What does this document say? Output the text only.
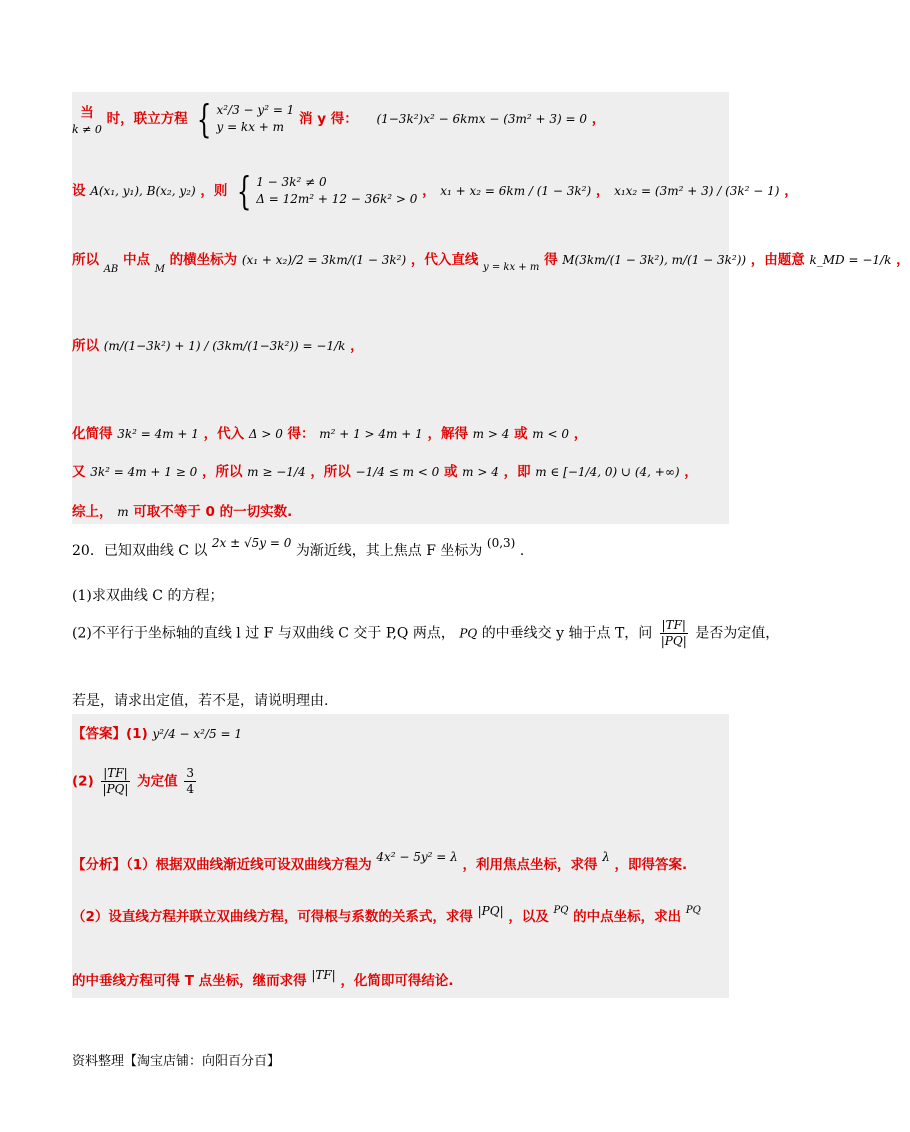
当
k ≠ 0 时，联立方程 { x²/3 − y² = 1
y = kx + m	消 y 得： (1−3k²)x² − 6kmx − (3m² + 3) = 0 ，
设 A(x₁, y₁), B(x₂, y₂) ，则 { 1 − 3k² ≠ 0
Δ = 12m² + 12 − 36k² > 0 ， x₁ + x₂ = 6km / (1 − 3k²) ， x₁x₂ = (3m² + 3) / (3k² − 1) ，
所以 $_{AB}$ 中点 $_M$ 的横坐标为 (x₁ + x₂)/2 = 3km/(1 − 3k²) ，代入直线 $_{y = kx + m}$ 得 M(3km/(1 − 3k²), m/(1 − 3k²)) ，由题意 k_MD = −1/k ，
所以 (m/(1−3k²) + 1) / (3km/(1−3k²)) = −1/k ，
化简得 3k² = 4m + 1 ，代入 Δ > 0 得： m² + 1 > 4m + 1 ，解得 m > 4 或 m < 0 ，
又 3k² = 4m + 1 ≥ 0 ，所以 m ≥ −1/4 ，所以 −1/4 ≤ m < 0 或 m > 4 ，即 m ∈ [−1/4, 0) ∪ (4, +∞) ，
综上， m 可取不等于 0 的一切实数.
20．已知双曲线 C 以 2x ± √5y = 0 为渐近线，其上焦点 F 坐标为 (0,3) .
(1)求双曲线 C 的方程；
(2)不平行于坐标轴的直线 l 过 F 与双曲线 C 交于 P,Q 两点， PQ 的中垂线交 y 轴于点 T，问 $\frac{|TF|}{|PQ|}$ 是否为定值，
若是，请求出定值，若不是，请说明理由.
【答案】(1) y²/4 − x²/5 = 1
$(2) \frac{|TF|}{|PQ|}$ 为定值 $\frac{3}{4}$
【分析】（1）根据双曲线渐近线可设双曲线方程为 4x² − 5y² = λ ，利用焦点坐标，求得 λ ，即得答案.
（2）设直线方程并联立双曲线方程，可得根与系数的关系式，求得 |PQ| ，以及 $^{PQ}$ 的中点坐标，求出 $^{PQ}$
的中垂线方程可得 T 点坐标，继而求得 |TF| ，化简即可得结论.
资料整理【淘宝店铺：向阳百分百】
